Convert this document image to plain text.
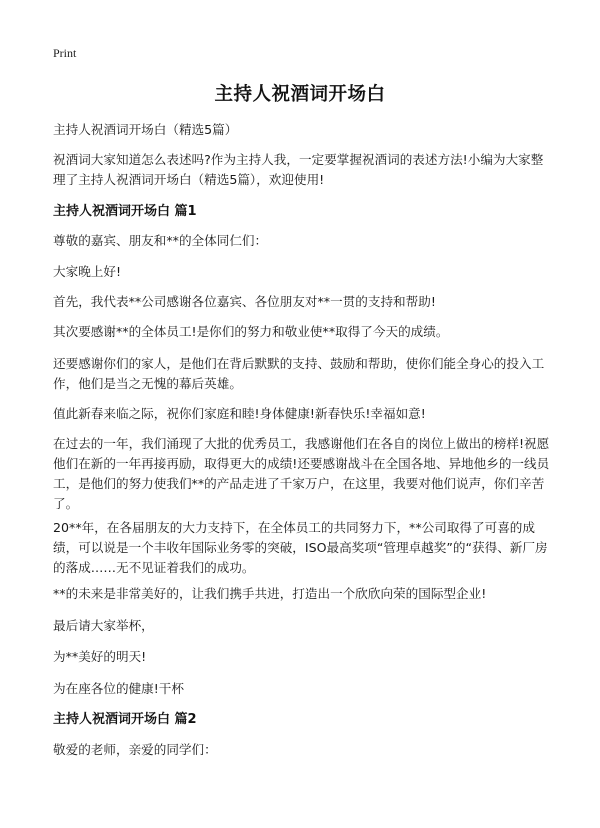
Print
主持人祝酒词开场白
主持人祝酒词开场白（精选5篇）
祝酒词大家知道怎么表述吗?作为主持人我，一定要掌握祝酒词的表述方法!小编为大家整理了主持人祝酒词开场白（精选5篇），欢迎使用!
主持人祝酒词开场白 篇1
尊敬的嘉宾、朋友和**的全体同仁们：
大家晚上好!
首先，我代表**公司感谢各位嘉宾、各位朋友对**一贯的支持和帮助!
其次要感谢**的全体员工!是你们的努力和敬业使**取得了今天的成绩。
还要感谢你们的家人，是他们在背后默默的支持、鼓励和帮助，使你们能全身心的投入工作，他们是当之无愧的幕后英雄。
值此新春来临之际，祝你们家庭和睦!身体健康!新春快乐!幸福如意!
在过去的一年，我们涌现了大批的优秀员工，我感谢他们在各自的岗位上做出的榜样!祝愿他们在新的一年再接再励，取得更大的成绩!还要感谢战斗在全国各地、异地他乡的一线员工，是他们的努力使我们**的产品走进了千家万户，在这里，我要对他们说声，你们辛苦了。
20**年，在各届朋友的大力支持下，在全体员工的共同努力下，**公司取得了可喜的成绩，可以说是一个丰收年国际业务零的突破，ISO最高奖项“管理卓越奖”的“获得、新厂房的落成……无不见证着我们的成功。
**的未来是非常美好的，让我们携手共进，打造出一个欣欣向荣的国际型企业!
最后请大家举杯，
为**美好的明天!
为在座各位的健康!干杯
主持人祝酒词开场白 篇2
敬爱的老师，亲爱的同学们：
